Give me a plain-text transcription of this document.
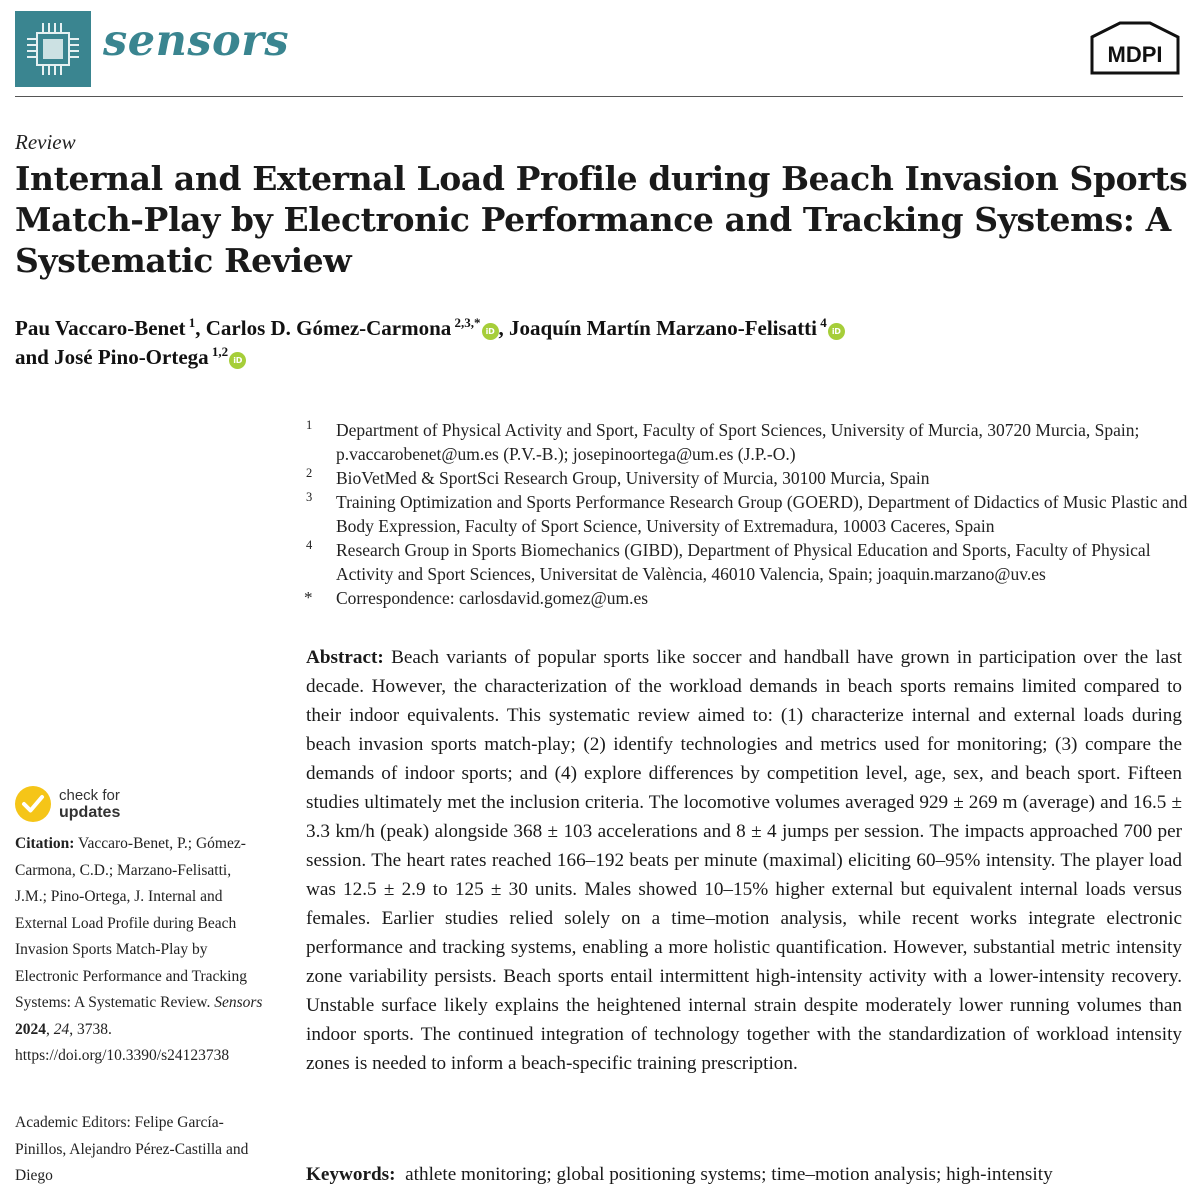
sensors	MDPI
Review
Internal and External Load Profile during Beach Invasion Sports Match-Play by Electronic Performance and Tracking Systems: A Systematic Review
Pau Vaccaro-Benet $^1$, Carlos D. Gómez-Carmona $^{2,3,*}$iD , Joaquín Martín Marzano-Felisatti $^4$iD
and José Pino-Ortega $^{1,2}$iD
1 Department of Physical Activity and Sport, Faculty of Sport Sciences, University of Murcia, 30720 Murcia, Spain; p.vaccarobenet@um.es (P.V.-B.); josepinoortega@um.es (J.P.-O.)
2 BioVetMed & SportSci Research Group, University of Murcia, 30100 Murcia, Spain
3 Training Optimization and Sports Performance Research Group (GOERD), Department of Didactics of Music Plastic and Body Expression, Faculty of Sport Science, University of Extremadura, 10003 Caceres, Spain
4 Research Group in Sports Biomechanics (GIBD), Department of Physical Education and Sports, Faculty of Physical Activity and Sport Sciences, Universitat de València, 46010 Valencia, Spain; joaquin.marzano@uv.es
* Correspondence: carlosdavid.gomez@um.es
check for
updates
Citation: Vaccaro-Benet, P.; Gómez-Carmona, C.D.; Marzano-Felisatti, J.M.; Pino-Ortega, J. Internal and External Load Profile during Beach Invasion Sports Match-Play by Electronic Performance and Tracking Systems: A Systematic Review. Sensors 2024, 24, 3738. https://doi.org/10.3390/s24123738
Academic Editors: Felipe García-Pinillos, Alejandro Pérez-Castilla and Diego
Abstract: Beach variants of popular sports like soccer and handball have grown in participation over the last decade. However, the characterization of the workload demands in beach sports remains limited compared to their indoor equivalents. This systematic review aimed to: (1) characterize internal and external loads during beach invasion sports match-play; (2) identify technologies and metrics used for monitoring; (3) compare the demands of indoor sports; and (4) explore differences by competition level, age, sex, and beach sport. Fifteen studies ultimately met the inclusion criteria. The locomotive volumes averaged 929 ± 269 m (average) and 16.5 ± 3.3 km/h (peak) alongside 368 ± 103 accelerations and 8 ± 4 jumps per session. The impacts approached 700 per session. The heart rates reached 166–192 beats per minute (maximal) eliciting 60–95% intensity. The player load was 12.5 ± 2.9 to 125 ± 30 units. Males showed 10–15% higher external but equivalent internal loads versus females. Earlier studies relied solely on a time–motion analysis, while recent works integrate electronic performance and tracking systems, enabling a more holistic quantification. However, substantial metric intensity zone variability persists. Beach sports entail intermittent high-intensity activity with a lower-intensity recovery. Unstable surface likely explains the heightened internal strain despite moderately lower running volumes than indoor sports. The continued integration of technology together with the standardization of workload intensity zones is needed to inform a beach-specific training prescription.
Keywords: athlete monitoring; global positioning systems; time–motion analysis; high-intensity
